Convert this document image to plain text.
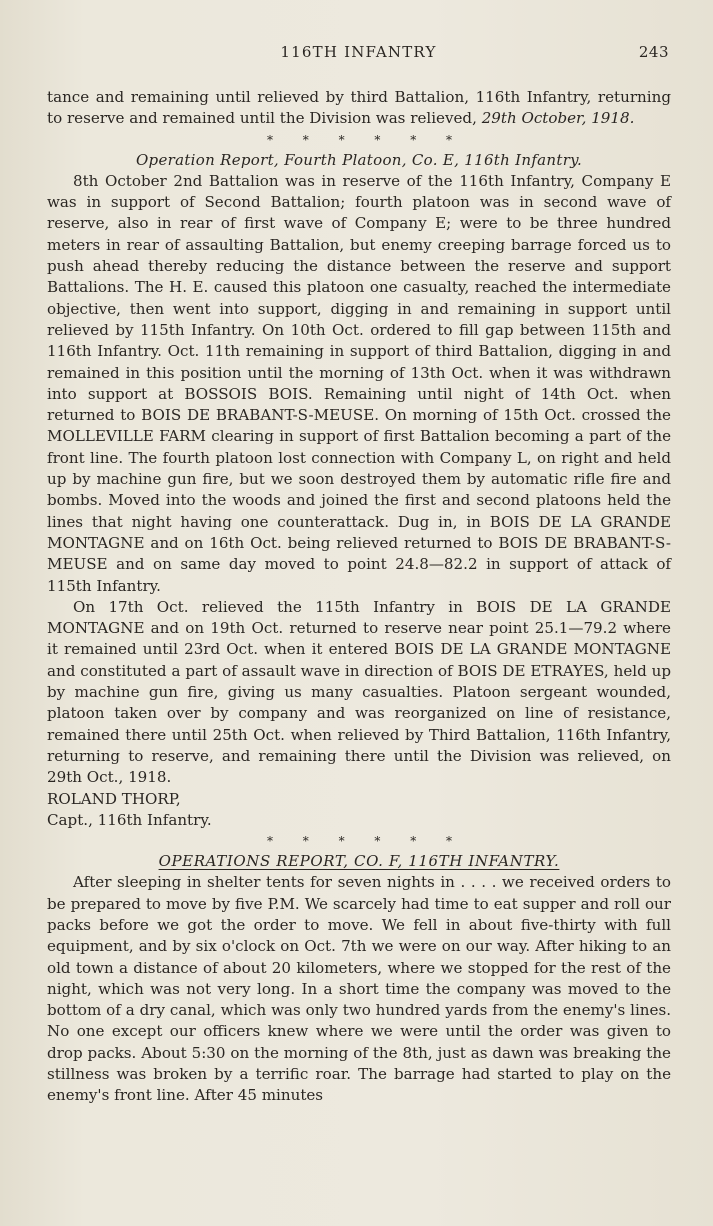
116TH INFANTRY	243

tance and remaining until relieved by third Battalion, 116th Infantry, returning to reserve and remained until the Division was relieved, 29th October, 1918.

* * * * * *

Operation Report, Fourth Platoon, Co. E, 116th Infantry.

8th October 2nd Battalion was in reserve of the 116th Infantry, Company E was in support of Second Battalion; fourth platoon was in second wave of reserve, also in rear of first wave of Company E; were to be three hundred meters in rear of assaulting Battalion, but enemy creeping barrage forced us to push ahead thereby reducing the distance between the reserve and support Battalions. The H. E. caused this platoon one casualty, reached the intermediate objective, then went into support, digging in and remaining in support until relieved by 115th Infantry. On 10th Oct. ordered to fill gap between 115th and 116th Infantry. Oct. 11th remaining in support of third Battalion, digging in and remained in this position until the morning of 13th Oct. when it was withdrawn into support at BOSSOIS BOIS. Remaining until night of 14th Oct. when returned to BOIS DE BRABANT-S-MEUSE. On morning of 15th Oct. crossed the MOLLEVILLE FARM clearing in support of first Battalion becoming a part of the front line. The fourth platoon lost connection with Company L, on right and held up by machine gun fire, but we soon destroyed them by automatic rifle fire and bombs. Moved into the woods and joined the first and second platoons held the lines that night having one counterattack. Dug in, in BOIS DE LA GRANDE MONTAGNE and on 16th Oct. being relieved returned to BOIS DE BRABANT-S-MEUSE and on same day moved to point 24.8—82.2 in support of attack of 115th Infantry.

On 17th Oct. relieved the 115th Infantry in BOIS DE LA GRANDE MONTAGNE and on 19th Oct. returned to reserve near point 25.1—79.2 where it remained until 23rd Oct. when it entered BOIS DE LA GRANDE MONTAGNE and constituted a part of assault wave in direction of BOIS DE ETRAYES, held up by machine gun fire, giving us many casualties. Platoon sergeant wounded, platoon taken over by company and was reorganized on line of resistance, remained there until 25th Oct. when relieved by Third Battalion, 116th Infantry, returning to reserve, and remaining there until the Division was relieved, on 29th Oct., 1918.

ROLAND THORP,

Capt., 116th Infantry.

* * * * * *

OPERATIONS REPORT, CO. F, 116TH INFANTRY.

After sleeping in shelter tents for seven nights in . . . . we received orders to be prepared to move by five P.M. We scarcely had time to eat supper and roll our packs before we got the order to move. We fell in about five-thirty with full equipment, and by six o'clock on Oct. 7th we were on our way. After hiking to an old town a distance of about 20 kilometers, where we stopped for the rest of the night, which was not very long. In a short time the company was moved to the bottom of a dry canal, which was only two hundred yards from the enemy's lines. No one except our officers knew where we were until the order was given to drop packs. About 5:30 on the morning of the 8th, just as dawn was breaking the stillness was broken by a terrific roar. The barrage had started to play on the enemy's front line. After 45 minutes
